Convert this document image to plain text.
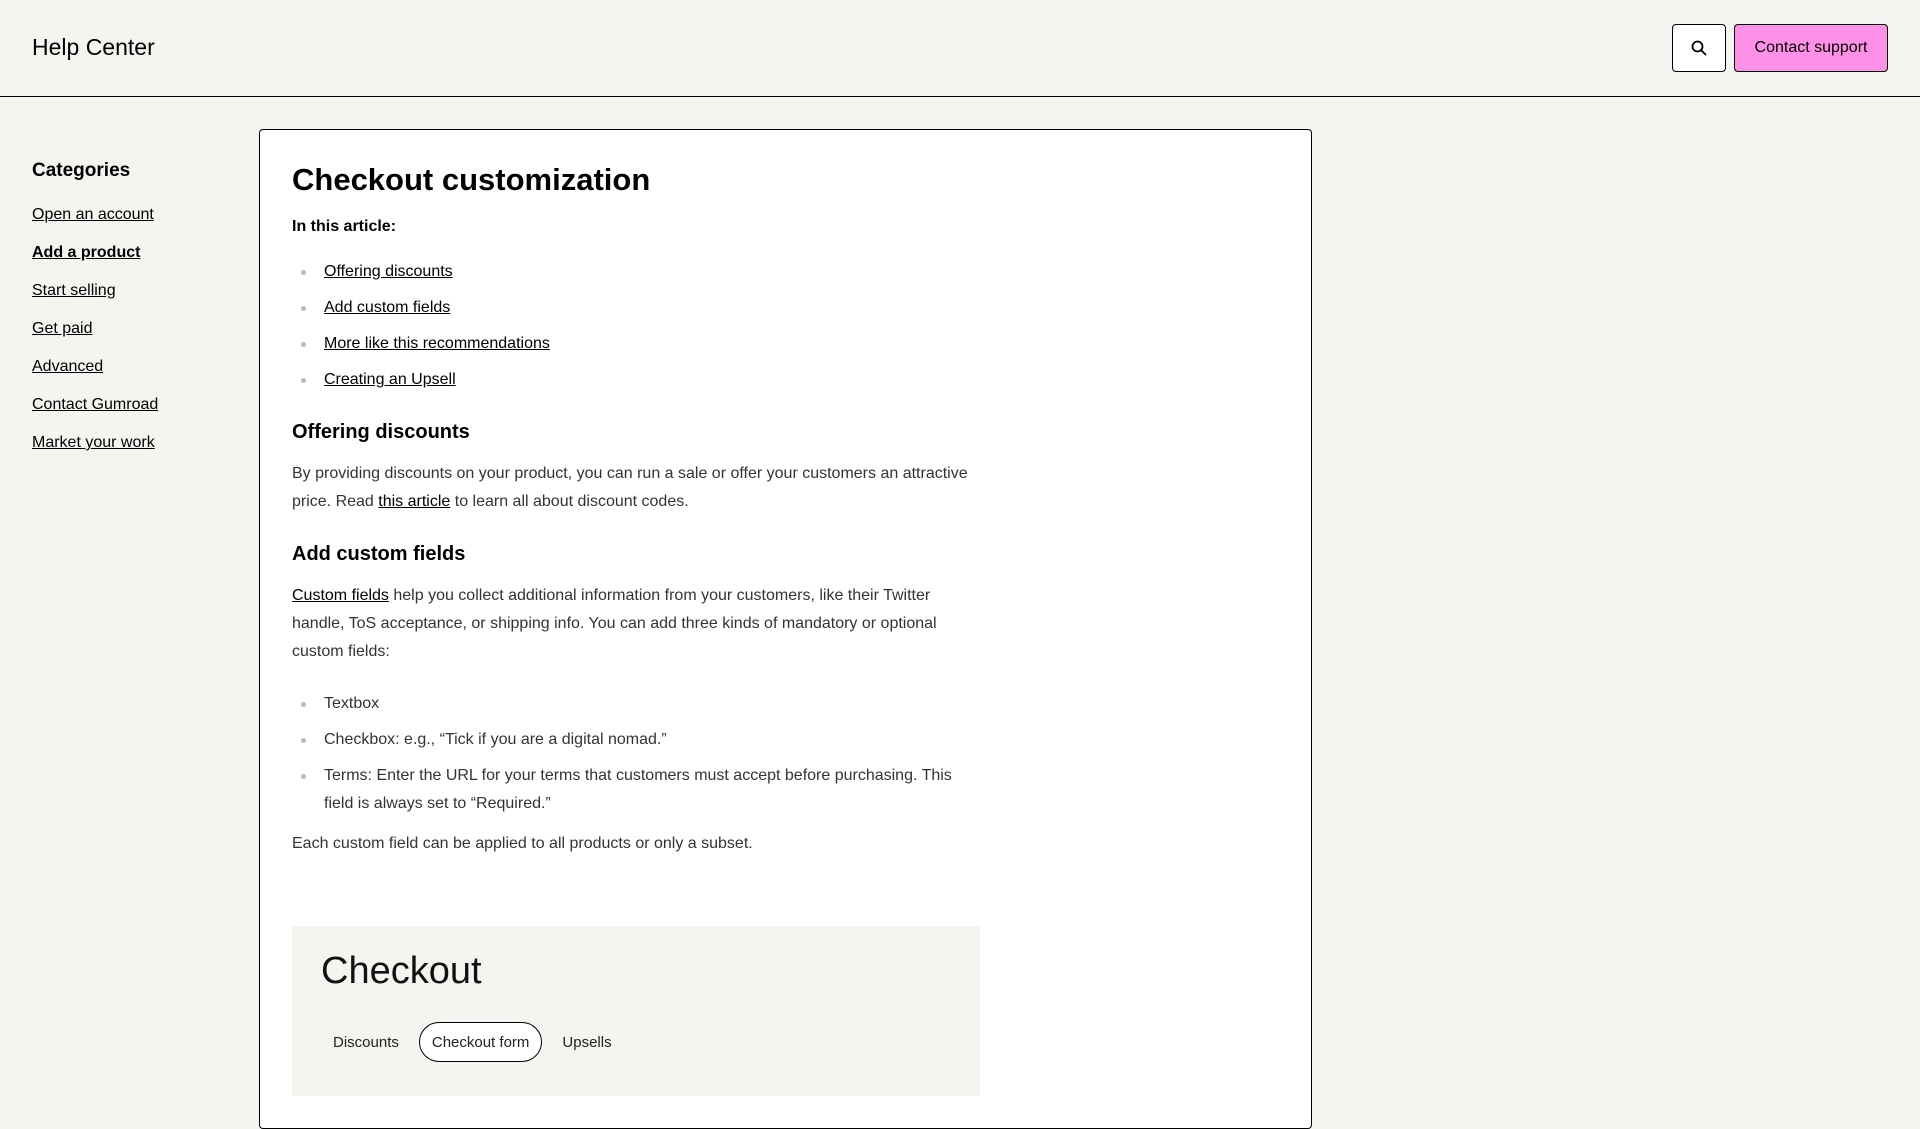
Help Center	Contact support
Categories
Open an account
Add a product
Start selling
Get paid
Advanced
Contact Gumroad
Market your work
Checkout customization
In this article:
Offering discounts
Add custom fields
More like this recommendations
Creating an Upsell
Offering discounts

By providing discounts on your product, you can run a sale or offer your customers an attractive price. Read this article to learn all about discount codes.

Add custom fields

Custom fields help you collect additional information from your customers, like their Twitter handle, ToS acceptance, or shipping info. You can add three kinds of mandatory or optional custom fields:

Textbox
Checkbox: e.g., “Tick if you are a digital nomad.”
Terms: Enter the URL for your terms that customers must accept before purchasing. This field is always set to “Required.”

Each custom field can be applied to all products or only a subset.

Checkout
Discounts	Checkout form	Upsells
